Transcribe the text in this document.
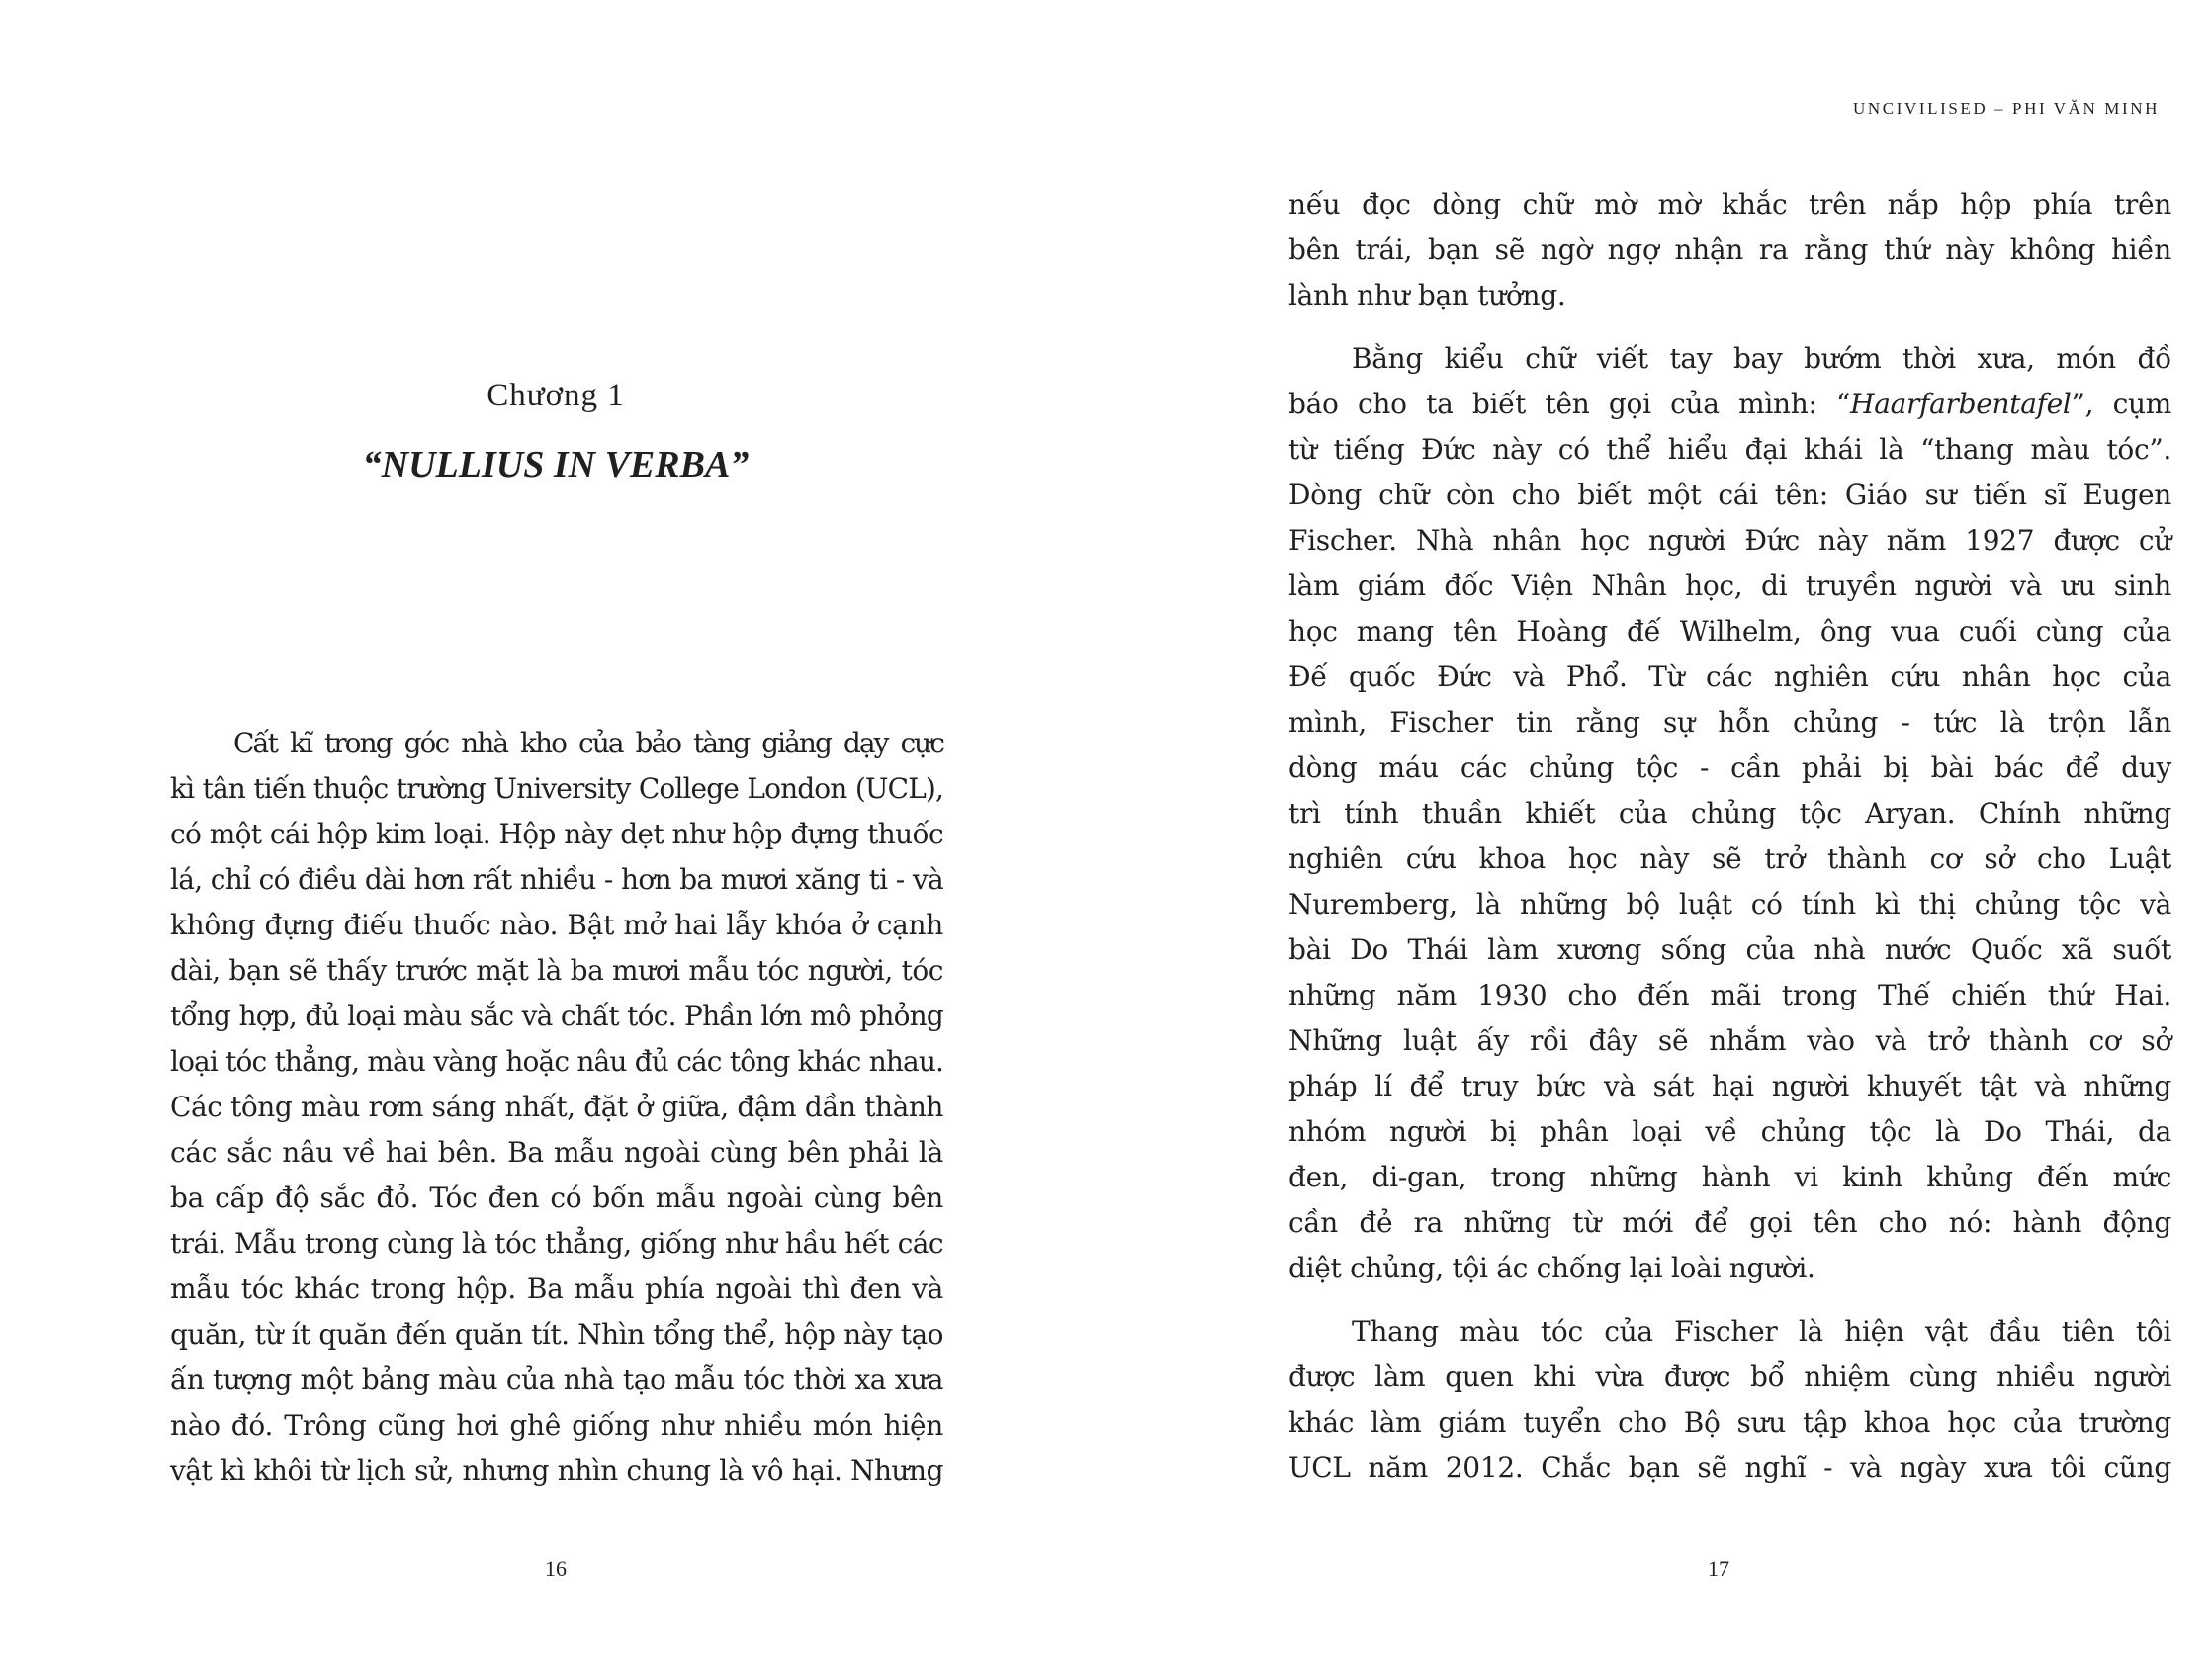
Chương 1
“NULLIUS IN VERBA”
Cất kĩ trong góc nhà kho của bảo tàng giảng dạy cực
kì tân tiến thuộc trường University College London (UCL),
có một cái hộp kim loại. Hộp này dẹt như hộp đựng thuốc
lá, chỉ có điều dài hơn rất nhiều - hơn ba mươi xăng ti - và
không đựng điếu thuốc nào. Bật mở hai lẫy khóa ở cạnh
dài, bạn sẽ thấy trước mặt là ba mươi mẫu tóc người, tóc
tổng hợp, đủ loại màu sắc và chất tóc. Phần lớn mô phỏng
loại tóc thẳng, màu vàng hoặc nâu đủ các tông khác nhau.
Các tông màu rơm sáng nhất, đặt ở giữa, đậm dần thành
các sắc nâu về hai bên. Ba mẫu ngoài cùng bên phải là
ba cấp độ sắc đỏ. Tóc đen có bốn mẫu ngoài cùng bên
trái. Mẫu trong cùng là tóc thẳng, giống như hầu hết các
mẫu tóc khác trong hộp. Ba mẫu phía ngoài thì đen và
quăn, từ ít quăn đến quăn tít. Nhìn tổng thể, hộp này tạo
ấn tượng một bảng màu của nhà tạo mẫu tóc thời xa xưa
nào đó. Trông cũng hơi ghê giống như nhiều món hiện
vật kì khôi từ lịch sử, nhưng nhìn chung là vô hại. Nhưng
16
UNCIVILISED – PHI VĂN MINH

nếu đọc dòng chữ mờ mờ khắc trên nắp hộp phía trên
bên trái, bạn sẽ ngờ ngợ nhận ra rằng thứ này không hiền
lành như bạn tưởng.

Bằng kiểu chữ viết tay bay bướm thời xưa, món đồ
báo cho ta biết tên gọi của mình: “Haarfarbentafel”, cụm
từ tiếng Đức này có thể hiểu đại khái là “thang màu tóc”.
Dòng chữ còn cho biết một cái tên: Giáo sư tiến sĩ Eugen
Fischer. Nhà nhân học người Đức này năm 1927 được cử
làm giám đốc Viện Nhân học, di truyền người và ưu sinh
học mang tên Hoàng đế Wilhelm, ông vua cuối cùng của
Đế quốc Đức và Phổ. Từ các nghiên cứu nhân học của
mình, Fischer tin rằng sự hỗn chủng - tức là trộn lẫn
dòng máu các chủng tộc - cần phải bị bài bác để duy
trì tính thuần khiết của chủng tộc Aryan. Chính những
nghiên cứu khoa học này sẽ trở thành cơ sở cho Luật
Nuremberg, là những bộ luật có tính kì thị chủng tộc và
bài Do Thái làm xương sống của nhà nước Quốc xã suốt
những năm 1930 cho đến mãi trong Thế chiến thứ Hai.
Những luật ấy rồi đây sẽ nhắm vào và trở thành cơ sở
pháp lí để truy bức và sát hại người khuyết tật và những
nhóm người bị phân loại về chủng tộc là Do Thái, da
đen, di-gan, trong những hành vi kinh khủng đến mức
cần đẻ ra những từ mới để gọi tên cho nó: hành động
diệt chủng, tội ác chống lại loài người.

Thang màu tóc của Fischer là hiện vật đầu tiên tôi
được làm quen khi vừa được bổ nhiệm cùng nhiều người
khác làm giám tuyển cho Bộ sưu tập khoa học của trường
UCL năm 2012. Chắc bạn sẽ nghĩ - và ngày xưa tôi cũng

17
